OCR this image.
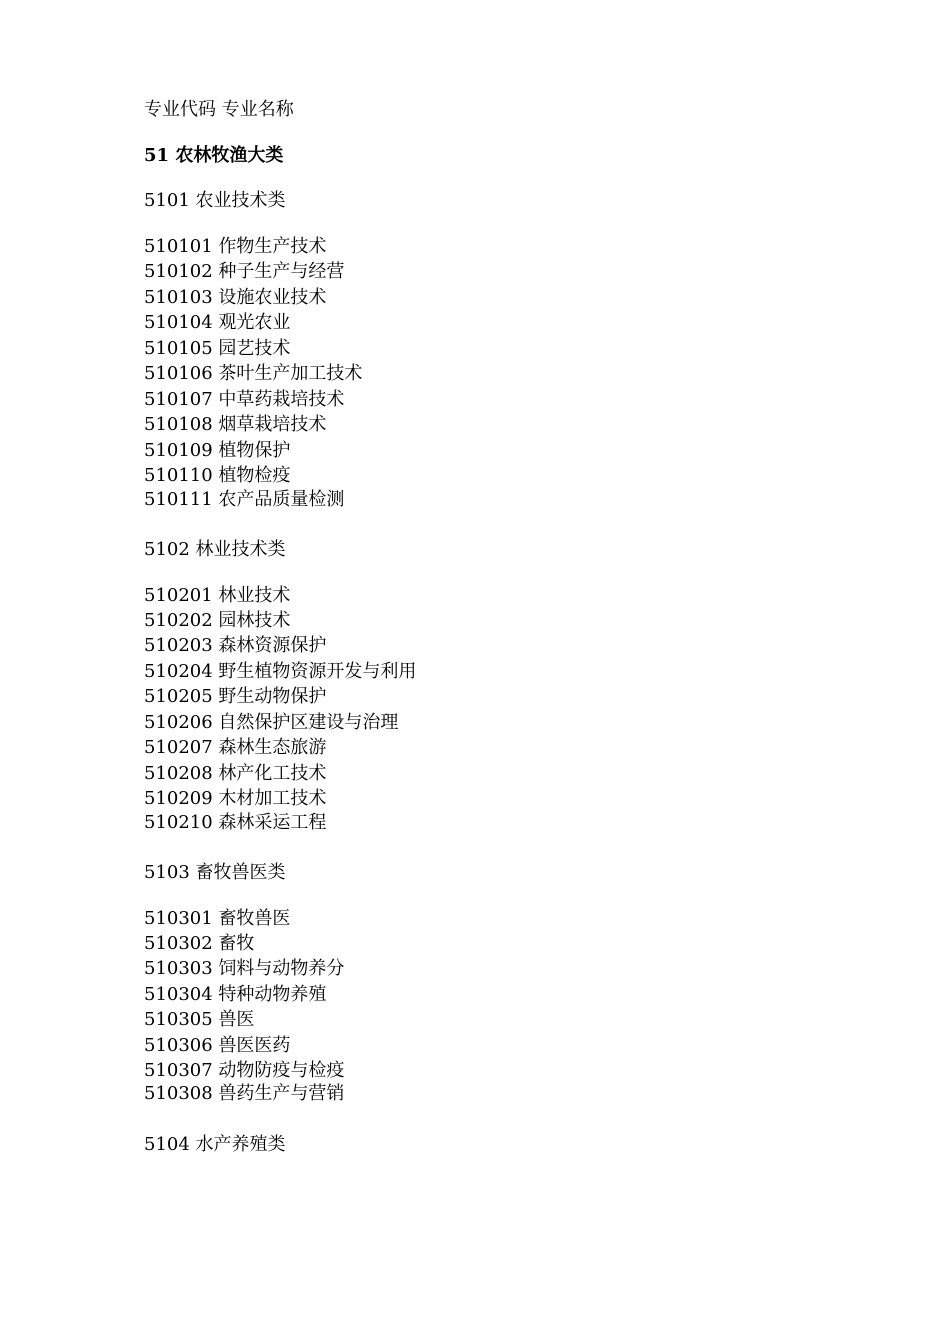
专业代码 专业名称
51 农林牧渔大类
5101 农业技术类
510101 作物生产技术
510102 种子生产与经营
510103 设施农业技术
510104 观光农业
510105 园艺技术
510106 茶叶生产加工技术
510107 中草药栽培技术
510108 烟草栽培技术
510109 植物保护
510110 植物检疫
510111 农产品质量检测
5102 林业技术类
510201 林业技术
510202 园林技术
510203 森林资源保护
510204 野生植物资源开发与利用
510205 野生动物保护
510206 自然保护区建设与治理
510207 森林生态旅游
510208 林产化工技术
510209 木材加工技术
510210 森林采运工程
5103 畜牧兽医类
510301 畜牧兽医
510302 畜牧
510303 饲料与动物养分
510304 特种动物养殖
510305 兽医
510306 兽医医药
510307 动物防疫与检疫
510308 兽药生产与营销
5104 水产养殖类
